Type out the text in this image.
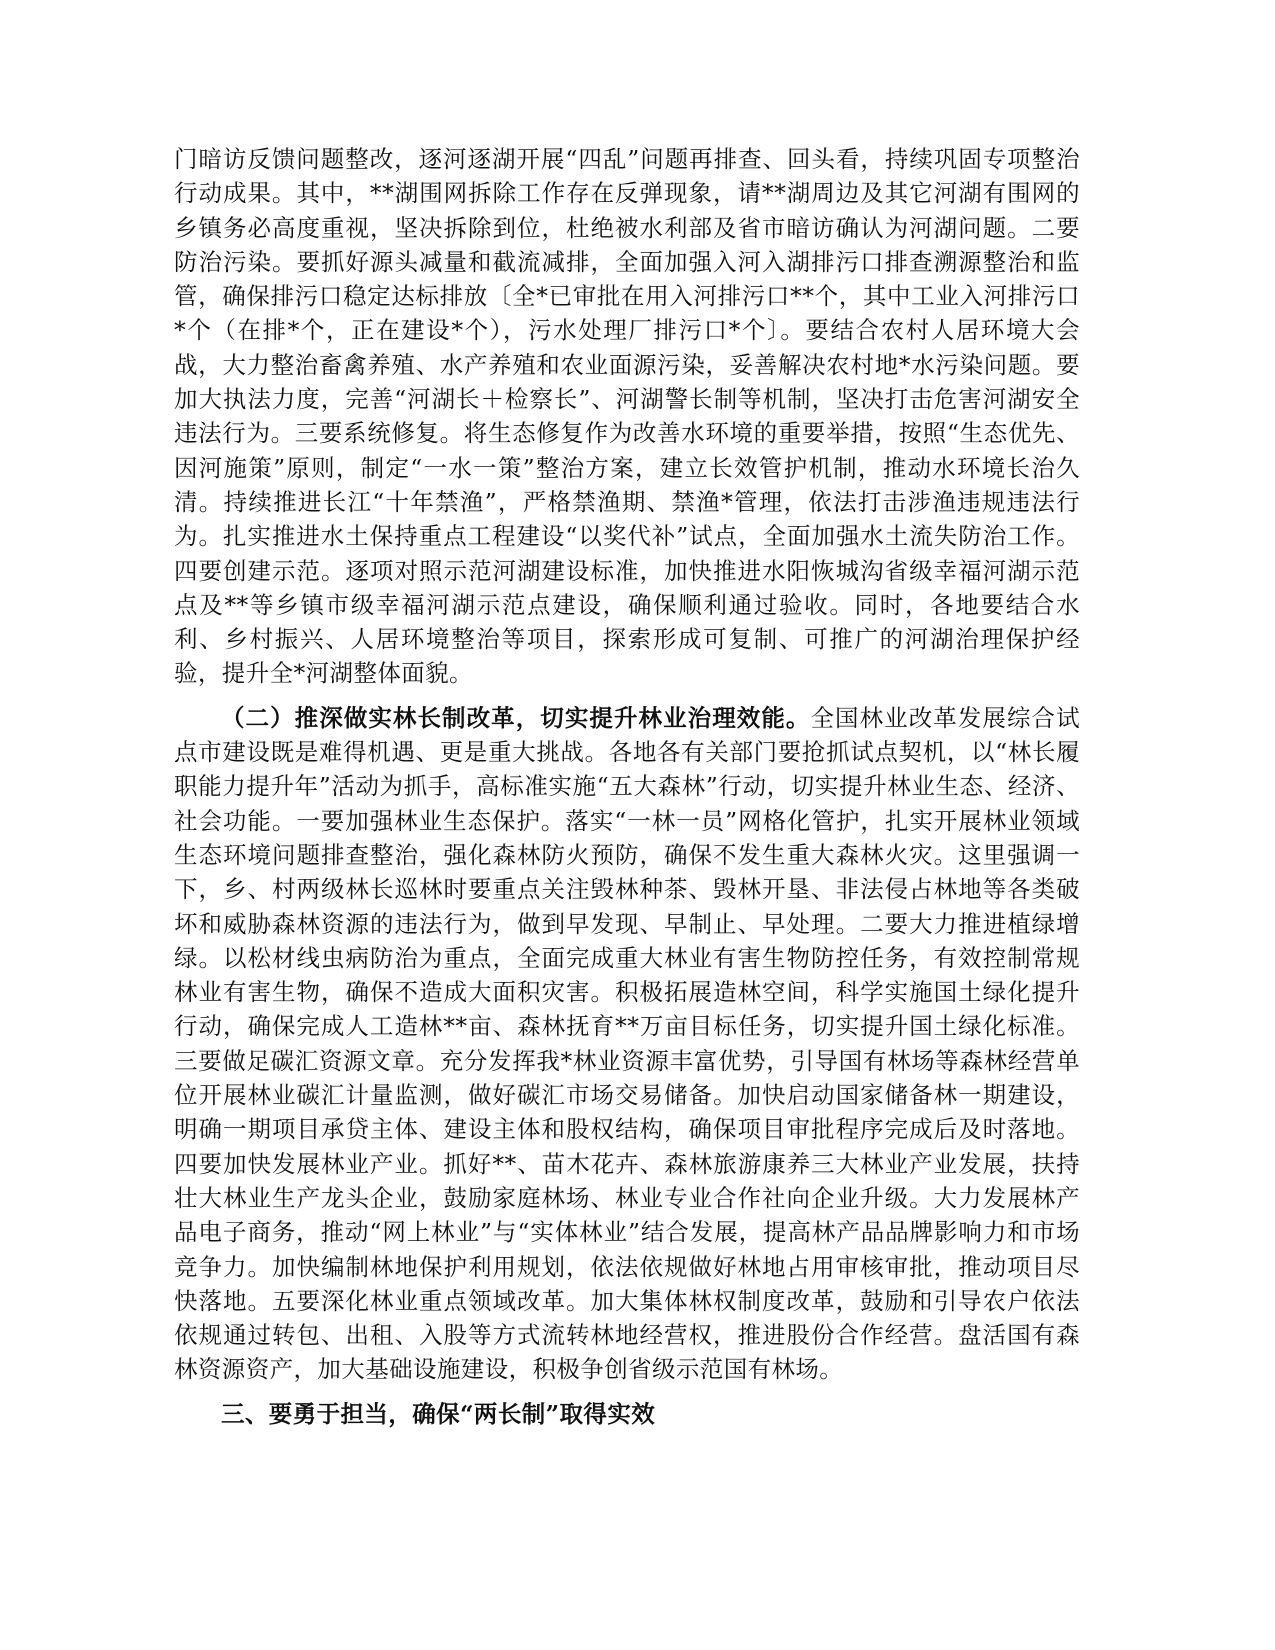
门暗访反馈问题整改，逐河逐湖开展“四乱”问题再排查、回头看，持续巩固专项整治行动成果。其中，**湖围网拆除工作存在反弹现象，请**湖周边及其它河湖有围网的乡镇务必高度重视，坚决拆除到位，杜绝被水利部及省市暗访确认为河湖问题。二要防治污染。要抓好源头减量和截流减排，全面加强入河入湖排污口排查溯源整治和监管，确保排污口稳定达标排放〔全*已审批在用入河排污口**个，其中工业入河排污口*个（在排*个，正在建设*个），污水处理厂排污口*个〕。要结合农村人居环境大会战，大力整治畜禽养殖、水产养殖和农业面源污染，妥善解决农村地*水污染问题。要加大执法力度，完善“河湖长＋检察长”、河湖警长制等机制，坚决打击危害河湖安全违法行为。三要系统修复。将生态修复作为改善水环境的重要举措，按照“生态优先、因河施策”原则，制定“一水一策”整治方案，建立长效管护机制，推动水环境长治久清。持续推进长江“十年禁渔”，严格禁渔期、禁渔*管理，依法打击涉渔违规违法行为。扎实推进水土保持重点工程建设“以奖代补”试点，全面加强水土流失防治工作。四要创建示范。逐项对照示范河湖建设标准，加快推进水阳恢城沟省级幸福河湖示范点及**等乡镇市级幸福河湖示范点建设，确保顺利通过验收。同时，各地要结合水利、乡村振兴、人居环境整治等项目，探索形成可复制、可推广的河湖治理保护经验，提升全*河湖整体面貌。

（二）推深做实林长制改革，切实提升林业治理效能。全国林业改革发展综合试点市建设既是难得机遇、更是重大挑战。各地各有关部门要抢抓试点契机，以“林长履职能力提升年”活动为抓手，高标准实施“五大森林”行动，切实提升林业生态、经济、社会功能。一要加强林业生态保护。落实“一林一员”网格化管护，扎实开展林业领域生态环境问题排查整治，强化森林防火预防，确保不发生重大森林火灾。这里强调一下，乡、村两级林长巡林时要重点关注毁林种茶、毁林开垦、非法侵占林地等各类破坏和威胁森林资源的违法行为，做到早发现、早制止、早处理。二要大力推进植绿增绿。以松材线虫病防治为重点，全面完成重大林业有害生物防控任务，有效控制常规林业有害生物，确保不造成大面积灾害。积极拓展造林空间，科学实施国土绿化提升行动，确保完成人工造林**亩、森林抚育**万亩目标任务，切实提升国土绿化标准。三要做足碳汇资源文章。充分发挥我*林业资源丰富优势，引导国有林场等森林经营单位开展林业碳汇计量监测，做好碳汇市场交易储备。加快启动国家储备林一期建设，明确一期项目承贷主体、建设主体和股权结构，确保项目审批程序完成后及时落地。四要加快发展林业产业。抓好**、苗木花卉、森林旅游康养三大林业产业发展，扶持壮大林业生产龙头企业，鼓励家庭林场、林业专业合作社向企业升级。大力发展林产品电子商务，推动“网上林业”与“实体林业”结合发展，提高林产品品牌影响力和市场竞争力。加快编制林地保护利用规划，依法依规做好林地占用审核审批，推动项目尽快落地。五要深化林业重点领域改革。加大集体林权制度改革，鼓励和引导农户依法依规通过转包、出租、入股等方式流转林地经营权，推进股份合作经营。盘活国有森林资源资产，加大基础设施建设，积极争创省级示范国有林场。

三、要勇于担当，确保“两长制”取得实效
